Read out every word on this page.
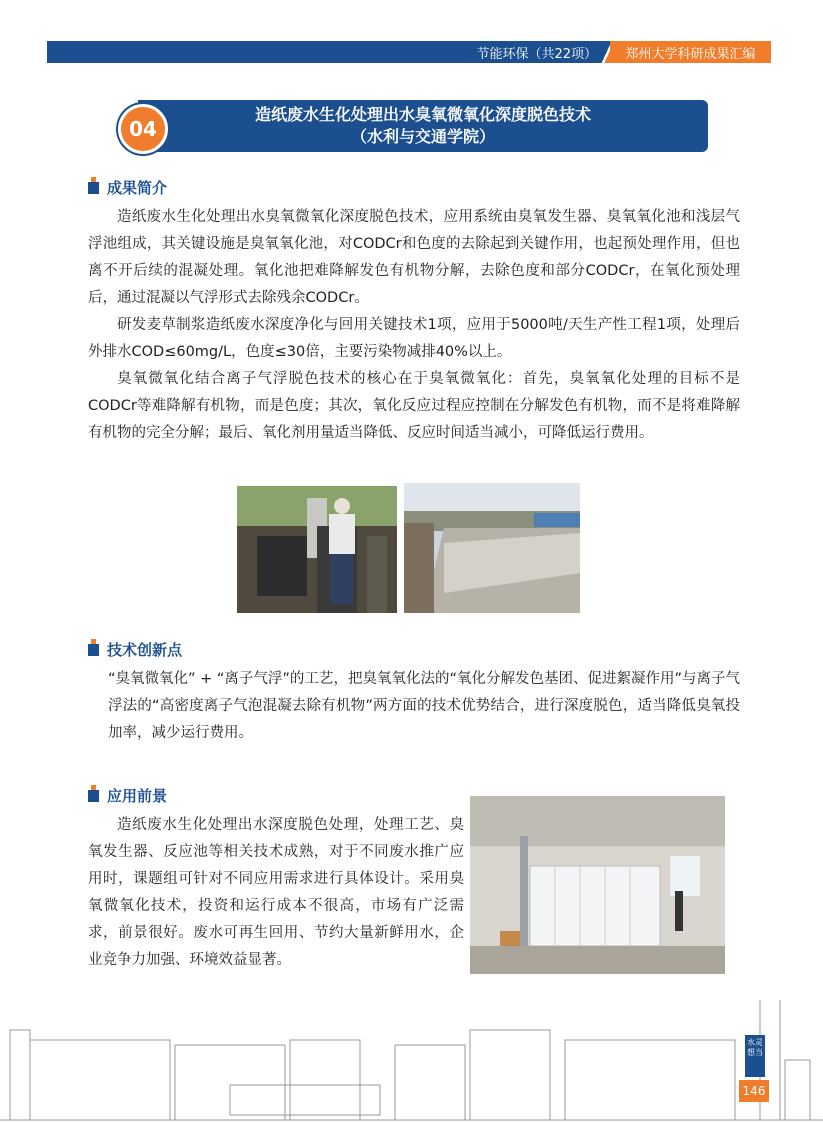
节能环保（共22项）	郑州大学科研成果汇编
造纸废水生化处理出水臭氧微氧化深度脱色技术
（水利与交通学院）
04
成果简介

造纸废水生化处理出水臭氧微氧化深度脱色技术，应用系统由臭氧发生器、臭氧氧化池和浅层气浮池组成，其关键设施是臭氧氧化池，对CODCr和色度的去除起到关键作用，也起预处理作用，但也离不开后续的混凝处理。氧化池把难降解发色有机物分解，去除色度和部分CODCr，在氧化预处理后，通过混凝以气浮形式去除残余CODCr。

研发麦草制浆造纸废水深度净化与回用关键技术1项，应用于5000吨/天生产性工程1项，处理后外排水COD≤60mg/L，色度≤30倍，主要污染物减排40%以上。

臭氧微氧化结合离子气浮脱色技术的核心在于臭氧微氧化：首先，臭氧氧化处理的目标不是CODCr等难降解有机物，而是色度；其次，氧化反应过程应控制在分解发色有机物，而不是将难降解有机物的完全分解；最后、氧化剂用量适当降低、反应时间适当减小，可降低运行费用。

技术创新点

“臭氧微氧化” + “离子气浮”的工艺，把臭氧氧化法的“氧化分解发色基团、促进絮凝作用”与离子气浮法的“高密度离子气泡混凝去除有机物”两方面的技术优势结合，进行深度脱色，适当降低臭氧投加率，减少运行费用。

应用前景

造纸废水生化处理出水深度脱色处理，处理工艺、臭氧发生器、反应池等相关技术成熟，对于不同废水推广应用时，课题组可针对不同应用需求进行具体设计。采用臭氧微氧化技术，投资和运行成本不很高，市场有广泛需求，前景很好。废水可再生回用、节约大量新鲜用水，企业竞争力加强、环境效益显著。

水灵想当
146
